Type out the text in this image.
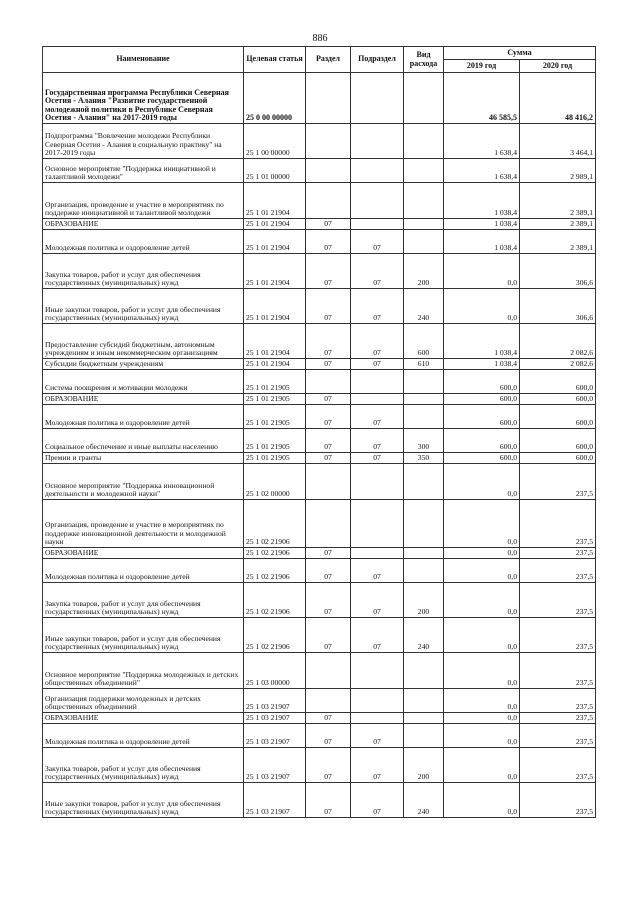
886
Наименование	Целевая статья	Раздел	Подраздел	Вид расхода	Сумма	
					2019 год	2020 год
Государственная программа Республики Северная Осетия - Алания "Развитие государственной молодежной политики в Республике Северная Осетия - Алания" на 2017-2019 годы	25 0 00 00000				46 585,5	48 416,2
Подпрограмма "Вовлечение молодежи Республики Северная Осетия - Алания в социальную практику" на 2017-2019 годы	25 1 00 00000				1 638,4	3 464,1
Основное мероприятие "Поддержка инициативной и талантливой молодежи"	25 1 01 00000				1 638,4	2 989,1
Организация, проведение и участие в мероприятиях по поддержке инициативной и талантливой молодежи	25 1 01 21904				1 038,4	2 389,1
ОБРАЗОВАНИЕ	25 1 01 21904	07			1 038,4	2 389,1
Молодежная политика и оздоровление детей	25 1 01 21904	07	07		1 038,4	2 389,1
Закупка товаров, работ и услуг для обеспечения государственных (муниципальных) нужд	25 1 01 21904	07	07	200	0,0	306,6
Иные закупки товаров, работ и услуг для обеспечения государственных (муниципальных) нужд	25 1 01 21904	07	07	240	0,0	306,6
Предоставление субсидий бюджетным, автономным учреждениям и иным некоммерческим организациям	25 1 01 21904	07	07	600	1 038,4	2 082,6
Субсидии бюджетным учреждениям	25 1 01 21904	07	07	610	1 038,4	2 082,6
Система поощрения и мотивации молодежи	25 1 01 21905				600,0	600,0
ОБРАЗОВАНИЕ	25 1 01 21905	07			600,0	600,0
Молодежная политика и оздоровление детей	25 1 01 21905	07	07		600,0	600,0
Социальное обеспечение и иные выплаты населению	25 1 01 21905	07	07	300	600,0	600,0
Премии и гранты	25 1 01 21905	07	07	350	600,0	600,0
Основное мероприятие "Поддержка инновационной деятельности и молодежной науки"	25 1 02 00000				0,0	237,5
Организация, проведение и участие в мероприятиях по поддержке инновационной деятельности и молодежной науки	25 1 02 21906				0,0	237,5
ОБРАЗОВАНИЕ	25 1 02 21906	07			0,0	237,5
Молодежная политика и оздоровление детей	25 1 02 21906	07	07		0,0	237,5
Закупка товаров, работ и услуг для обеспечения государственных (муниципальных) нужд	25 1 02 21906	07	07	200	0,0	237,5
Иные закупки товаров, работ и услуг для обеспечения государственных (муниципальных) нужд	25 1 02 21906	07	07	240	0,0	237,5
Основное мероприятие "Поддержка молодежных и детских общественных объединений"	25 1 03 00000				0,0	237,5
Организация поддержки молодежных и детских общественных объединений	25 1 03 21907				0,0	237,5
ОБРАЗОВАНИЕ	25 1 03 21907	07			0,0	237,5
Молодежная политика и оздоровление детей	25 1 03 21907	07	07		0,0	237,5
Закупка товаров, работ и услуг для обеспечения государственных (муниципальных) нужд	25 1 03 21907	07	07	200	0,0	237,5
Иные закупки товаров, работ и услуг для обеспечения государственных (муниципальных) нужд	25 1 03 21907	07	07	240	0,0	237,5
